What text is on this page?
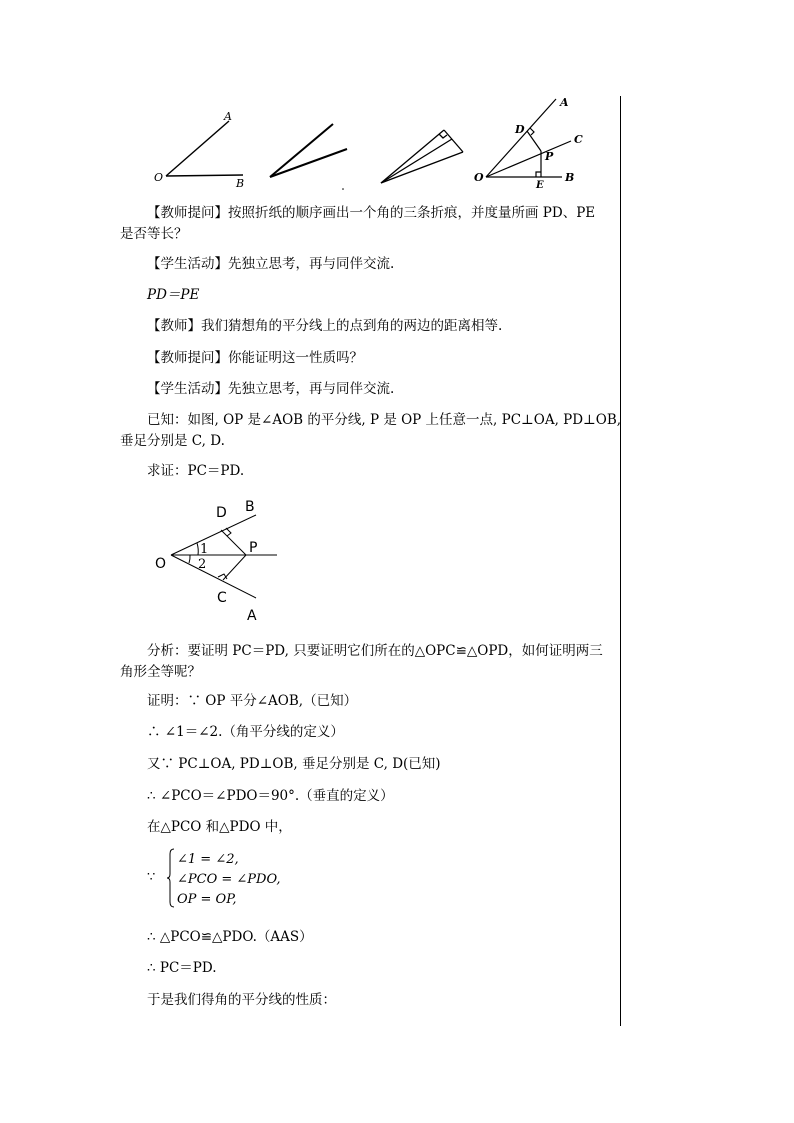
A
O	B
A
C
D
P
O
E
B
【教师提问】按照折纸的顺序画出一个角的三条折痕，并度量所画 PD、PE
是否等长？
【学生活动】先独立思考，再与同伴交流.
PD＝PE
【教师】我们猜想角的平分线上的点到角的两边的距离相等.
【教师提问】你能证明这一性质吗？
【学生活动】先独立思考，再与同伴交流.
已知：如图, OP 是∠AOB 的平分线, P 是 OP 上任意一点, PC⊥OA, PD⊥OB,
垂足分别是 C, D.
求证：PC＝PD.
B
D
1	P
O 2
C
A
分析：要证明 PC＝PD, 只要证明它们所在的△OPC≌△OPD，如何证明两三
角形全等呢？
证明：∵ OP 平分∠AOB,（已知）
∴ ∠1＝∠2.（角平分线的定义）
又∵ PC⊥OA, PD⊥OB, 垂足分别是 C, D(已知)
∴ ∠PCO＝∠PDO＝90°.（垂直的定义）
在△PCO 和△PDO 中，
∵
∠1 = ∠2,
∠PCO = ∠PDO,
OP = OP,
∴ △PCO≌△PDO.（AAS）
∴ PC＝PD.
于是我们得角的平分线的性质：
